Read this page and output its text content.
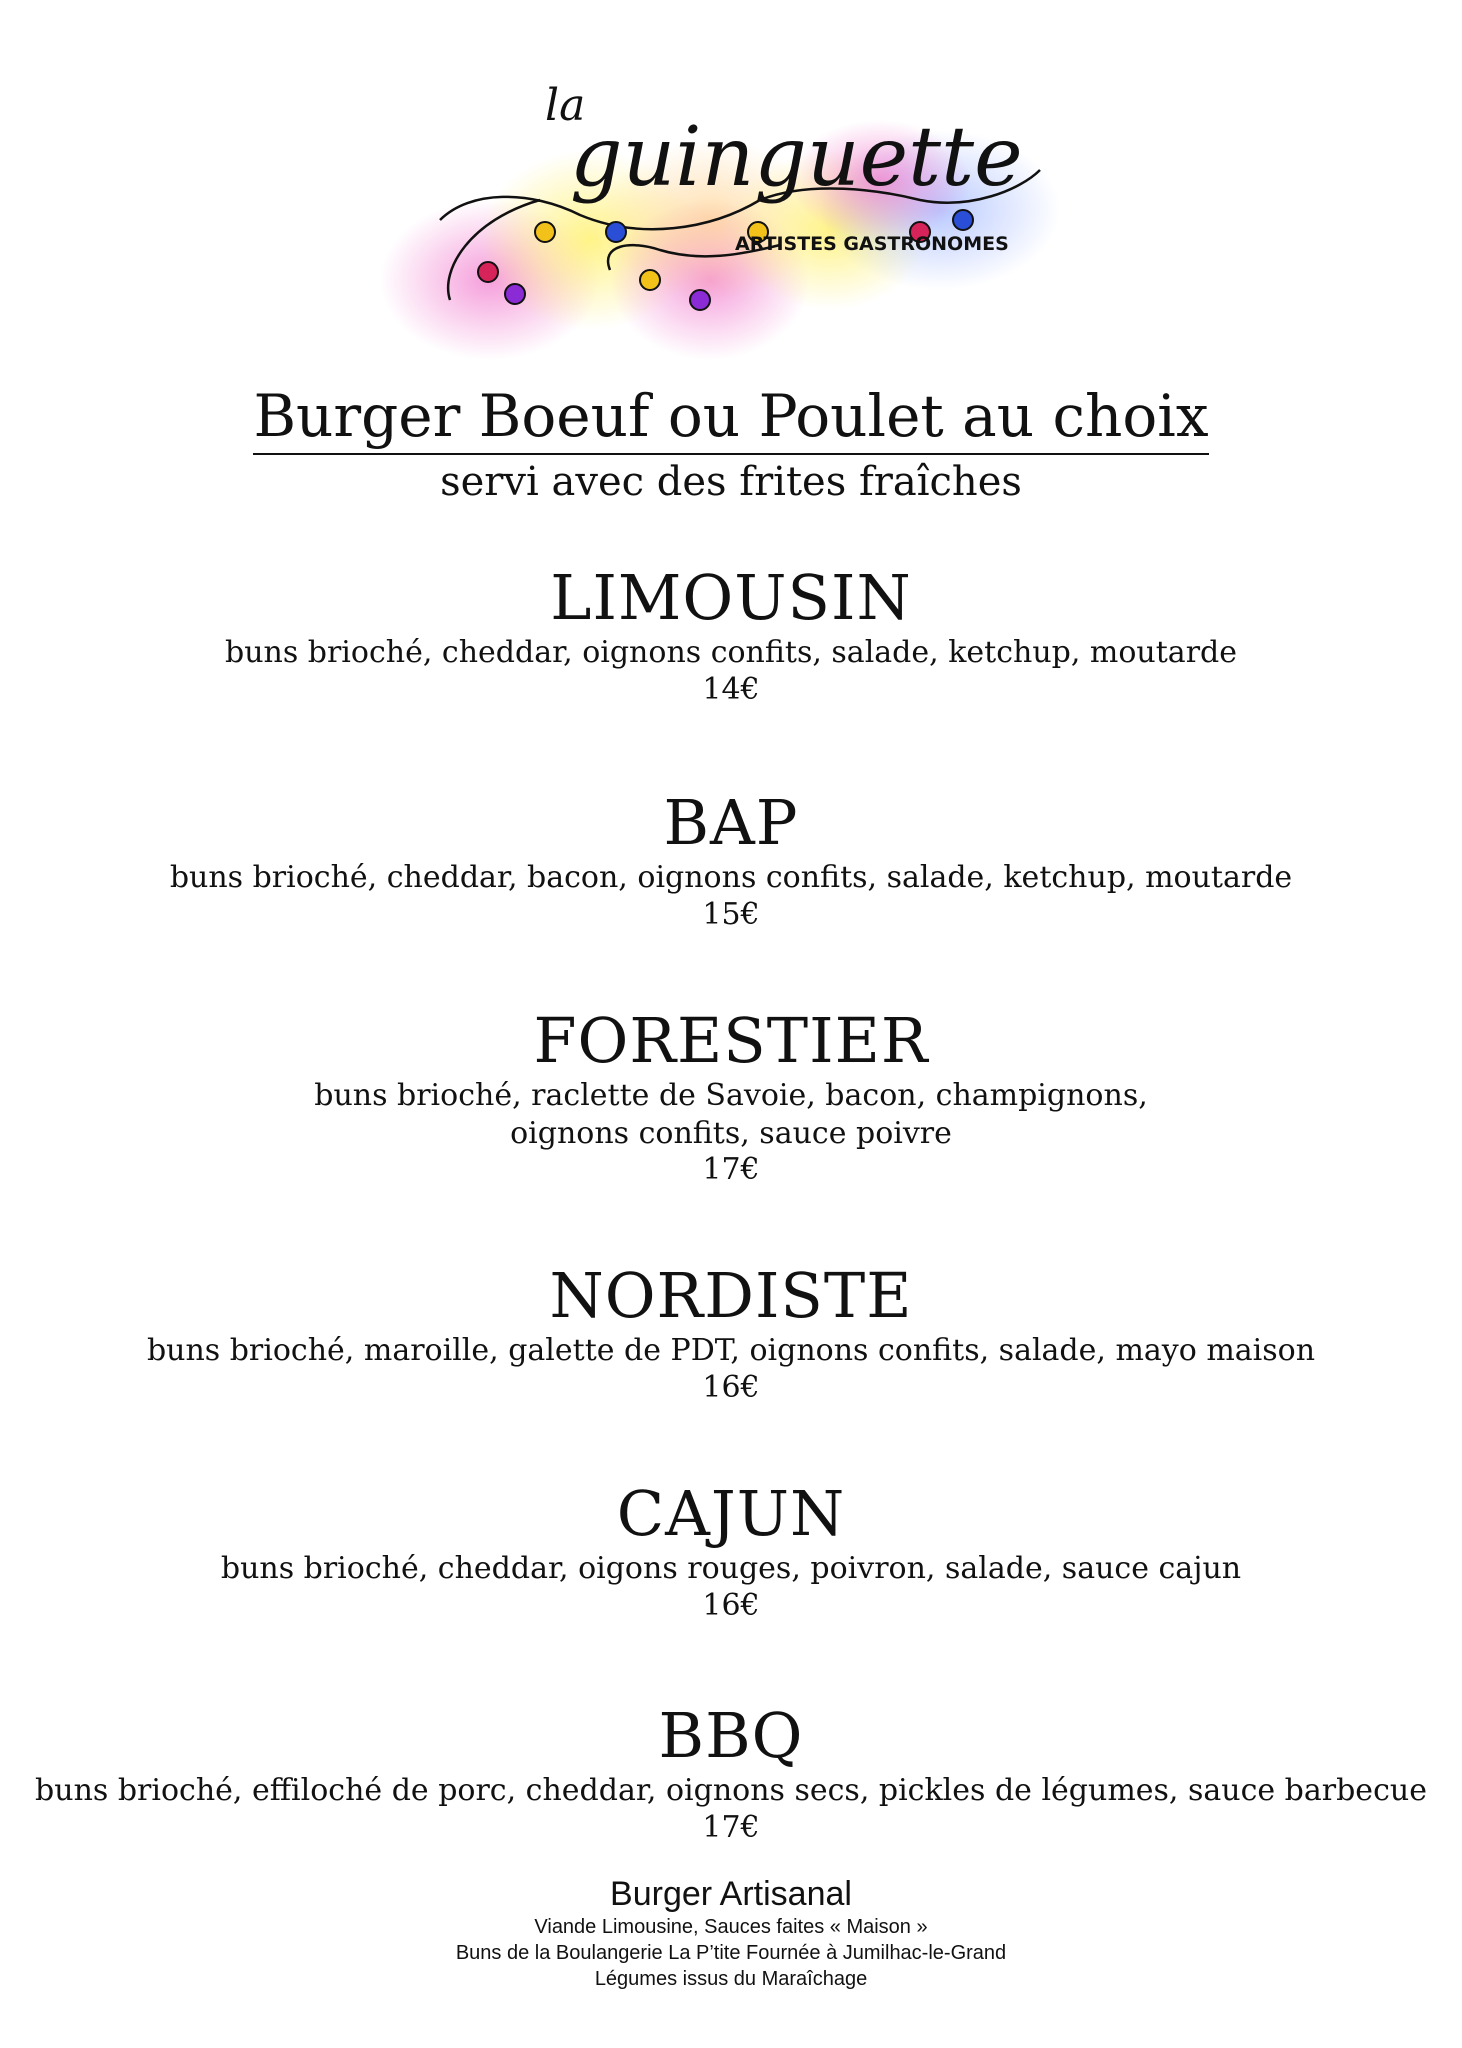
la
guinguette
ARTISTES GASTRONOMES
Burger Boeuf ou Poulet au choix
servi avec des frites fraîches
LIMOUSIN
buns brioché, cheddar, oignons confits, salade, ketchup, moutarde
14€
BAP
buns brioché, cheddar, bacon, oignons confits, salade, ketchup, moutarde
15€
FORESTIER
buns brioché, raclette de Savoie, bacon, champignons,
oignons confits, sauce poivre
17€
NORDISTE
buns brioché, maroille, galette de PDT, oignons confits, salade, mayo maison
16€
CAJUN
buns brioché, cheddar, oigons rouges, poivron, salade, sauce cajun
16€
BBQ
buns brioché, effiloché de porc, cheddar, oignons secs, pickles de légumes, sauce barbecue
17€
Burger Artisanal
Viande Limousine, Sauces faites « Maison »
Buns de la Boulangerie La P’tite Fournée à Jumilhac-le-Grand
Légumes issus du Maraîchage
